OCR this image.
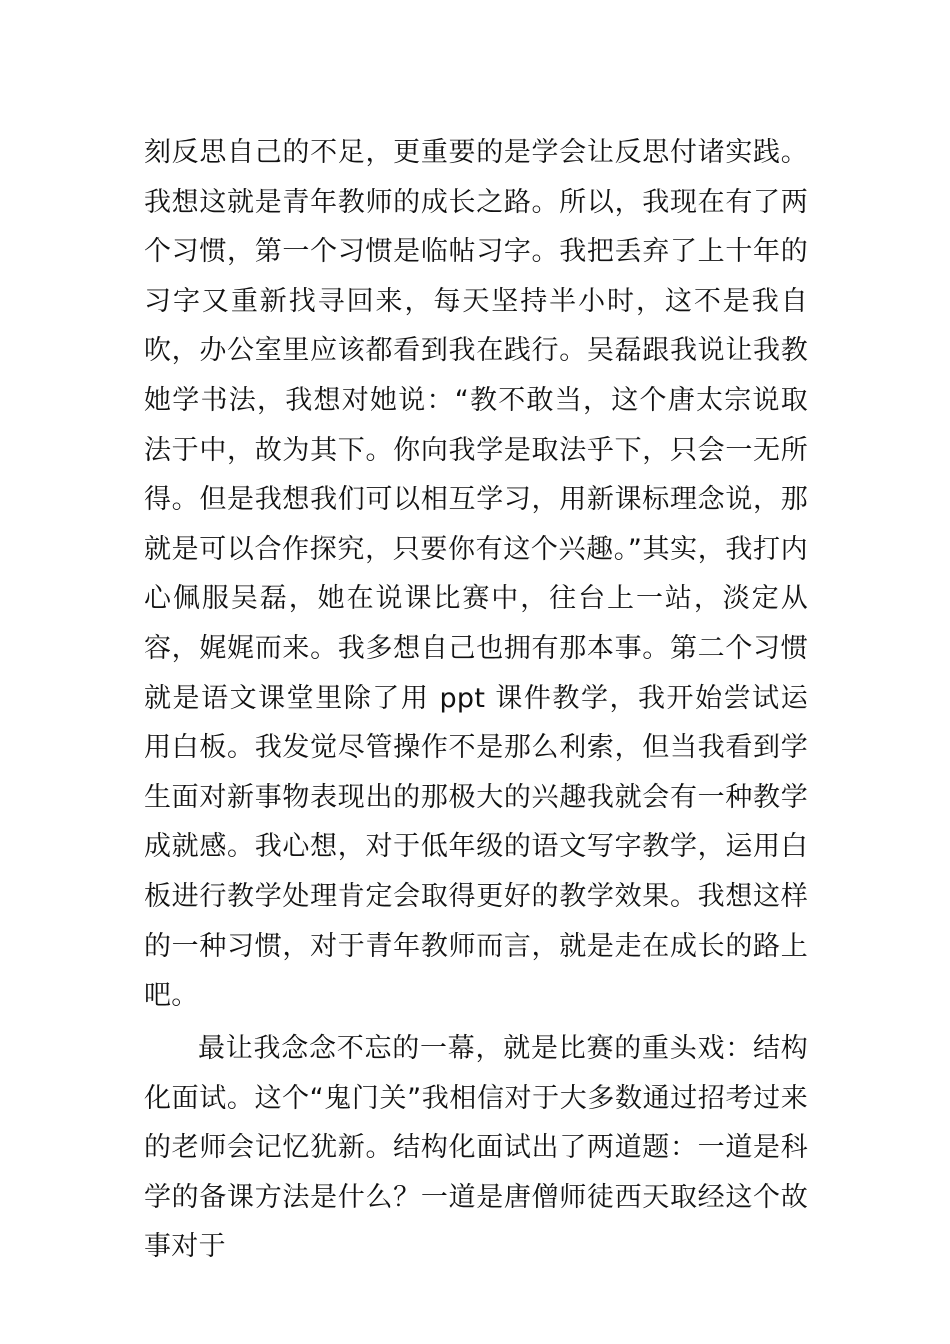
刻反思自己的不足，更重要的是学会让反思付诸实践。我想这就是青年教师的成长之路。所以，我现在有了两个习惯，第一个习惯是临帖习字。我把丢弃了上十年的习字又重新找寻回来，每天坚持半小时，这不是我自吹，办公室里应该都看到我在践行。吴磊跟我说让我教她学书法，我想对她说：“教不敢当，这个唐太宗说取法于中，故为其下。你向我学是取法乎下，只会一无所得。但是我想我们可以相互学习，用新课标理念说，那就是可以合作探究，只要你有这个兴趣。”其实，我打内心佩服吴磊，她在说课比赛中，往台上一站，淡定从容，娓娓而来。我多想自己也拥有那本事。第二个习惯就是语文课堂里除了用 ppt 课件教学，我开始尝试运用白板。我发觉尽管操作不是那么利索，但当我看到学生面对新事物表现出的那极大的兴趣我就会有一种教学成就感。我心想，对于低年级的语文写字教学，运用白板进行教学处理肯定会取得更好的教学效果。我想这样的一种习惯，对于青年教师而言，就是走在成长的路上吧。

最让我念念不忘的一幕，就是比赛的重头戏：结构化面试。这个“鬼门关”我相信对于大多数通过招考过来的老师会记忆犹新。结构化面试出了两道题：一道是科学的备课方法是什么？一道是唐僧师徒西天取经这个故事对于
